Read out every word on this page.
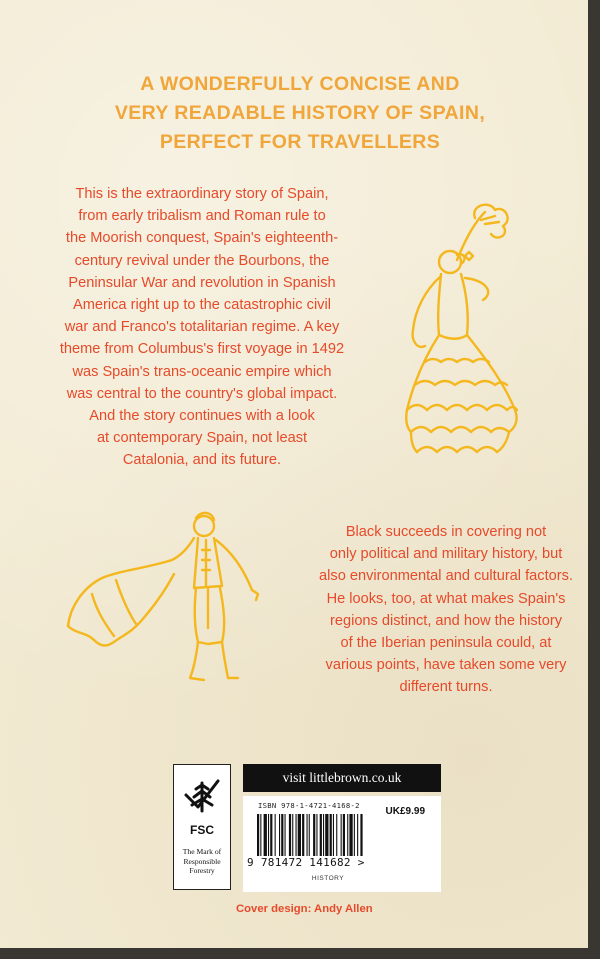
A WONDERFULLY CONCISE AND
VERY READABLE HISTORY OF SPAIN,
PERFECT FOR TRAVELLERS

This is the extraordinary story of Spain,
from early tribalism and Roman rule to
the Moorish conquest, Spain's eighteenth-
century revival under the Bourbons, the
Peninsular War and revolution in Spanish
America right up to the catastrophic civil
war and Franco's totalitarian regime. A key
theme from Columbus's first voyage in 1492
was Spain's trans-oceanic empire which
was central to the country's global impact.
And the story continues with a look
at contemporary Spain, not least
Catalonia, and its future.

Black succeeds in covering not
only political and military history, but
also environmental and cultural factors.
He looks, too, at what makes Spain's
regions distinct, and how the history
of the Iberian peninsula could, at
various points, have taken some very
different turns.

FSC
The Mark of
Responsible
Forestry
visit littlebrown.co.uk
ISBN 978-1-4721-4168-2
UK£9.99
9 781472 141682 >
HISTORY
Cover design: Andy Allen
